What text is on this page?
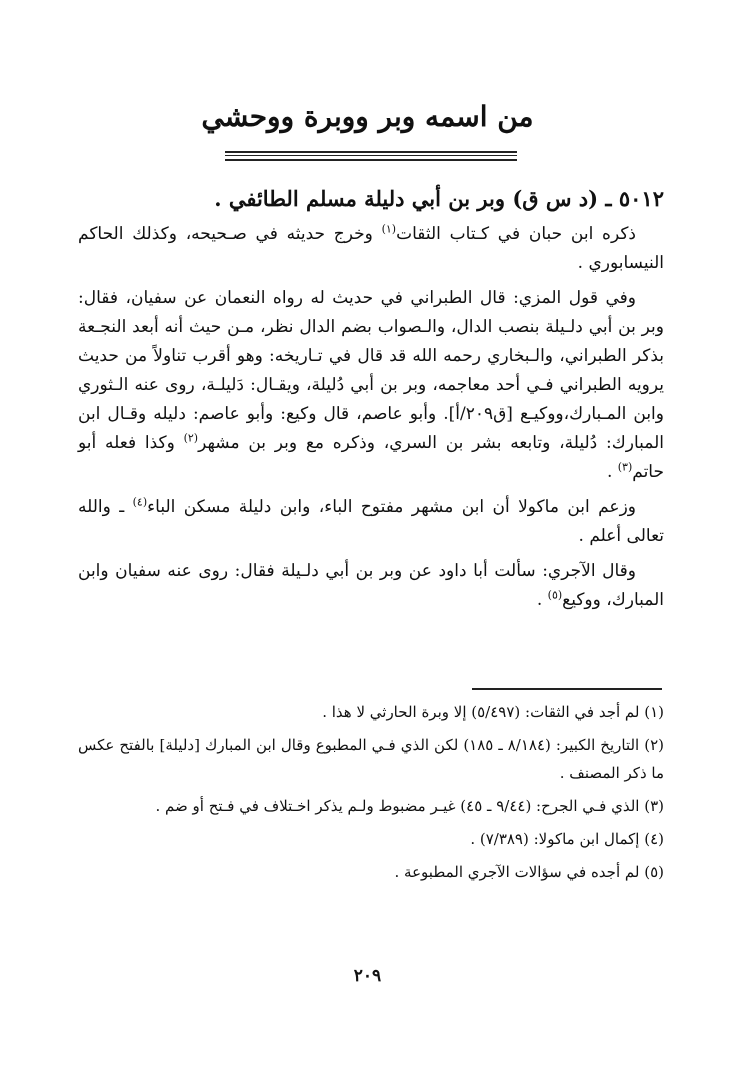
من اسمه وبر ووبرة ووحشي
٥٠١٢ ـ (د س ق) وبر بن أبي دليلة مسلم الطائفي .
ذكره ابن حبان في كـتاب الثقات$^{(١)}$ وخرج حديثه في صـحيحه، وكذلك الحاكم النيسابوري .
وفي قول المزي: قال الطبراني في حديث له رواه النعمان عن سفيان، فقال: وبر بن أبي دلـيلة بنصب الدال، والـصواب بضم الدال نظر، مـن حيث أنه أبعد النجـعة بذكر الطبراني، والـبخاري رحمه الله قد قال في تـاريخه: وهو أقرب تناولاً من حديث يرويه الطبراني فـي أحد معاجمه، وبر بن أبي دُليلة، ويقـال: دَليلـة، روى عنه الـثوري وابن المـبارك،ووكيـع [ق٢٠٩/أ]. وأبو عاصم، قال وكيع: وأبو عاصم: دليله وقـال ابن المبارك: دُليلة، وتابعه بشر بن السري، وذكره مع وبر بن مشهر$^{(٢)}$ وكذا فعله أبو حاتم$^{(٣)}$ .
وزعم ابن ماكولا أن ابن مشهر مفتوح الباء، وابن دليلة مسكن الباء$^{(٤)}$ ـ والله تعالى أعلم .
وقال الآجري: سألت أبا داود عن وبر بن أبي دلـيلة فقال: روى عنه سفيان وابن المبارك، ووكيع$^{(٥)}$ .
(١) لم أجد في الثقات: (٥/٤٩٧) إلا وبرة الحارثي لا هذا .
(٢) التاريخ الكبير: (٨/١٨٤ ـ ١٨٥) لكن الذي فـي المطبوع وقال ابن المبارك [دليلة] بالفتح عكس ما ذكر المصنف .
(٣) الذي فـي الجرح: (٩/٤٤ ـ ٤٥) غيـر مضبوط ولـم يذكر اخـتلاف في فـتح أو ضم .
(٤) إكمال ابن ماكولا: (٧/٣٨٩) .
(٥) لم أجده في سؤالات الآجري المطبوعة .
٢٠٩
